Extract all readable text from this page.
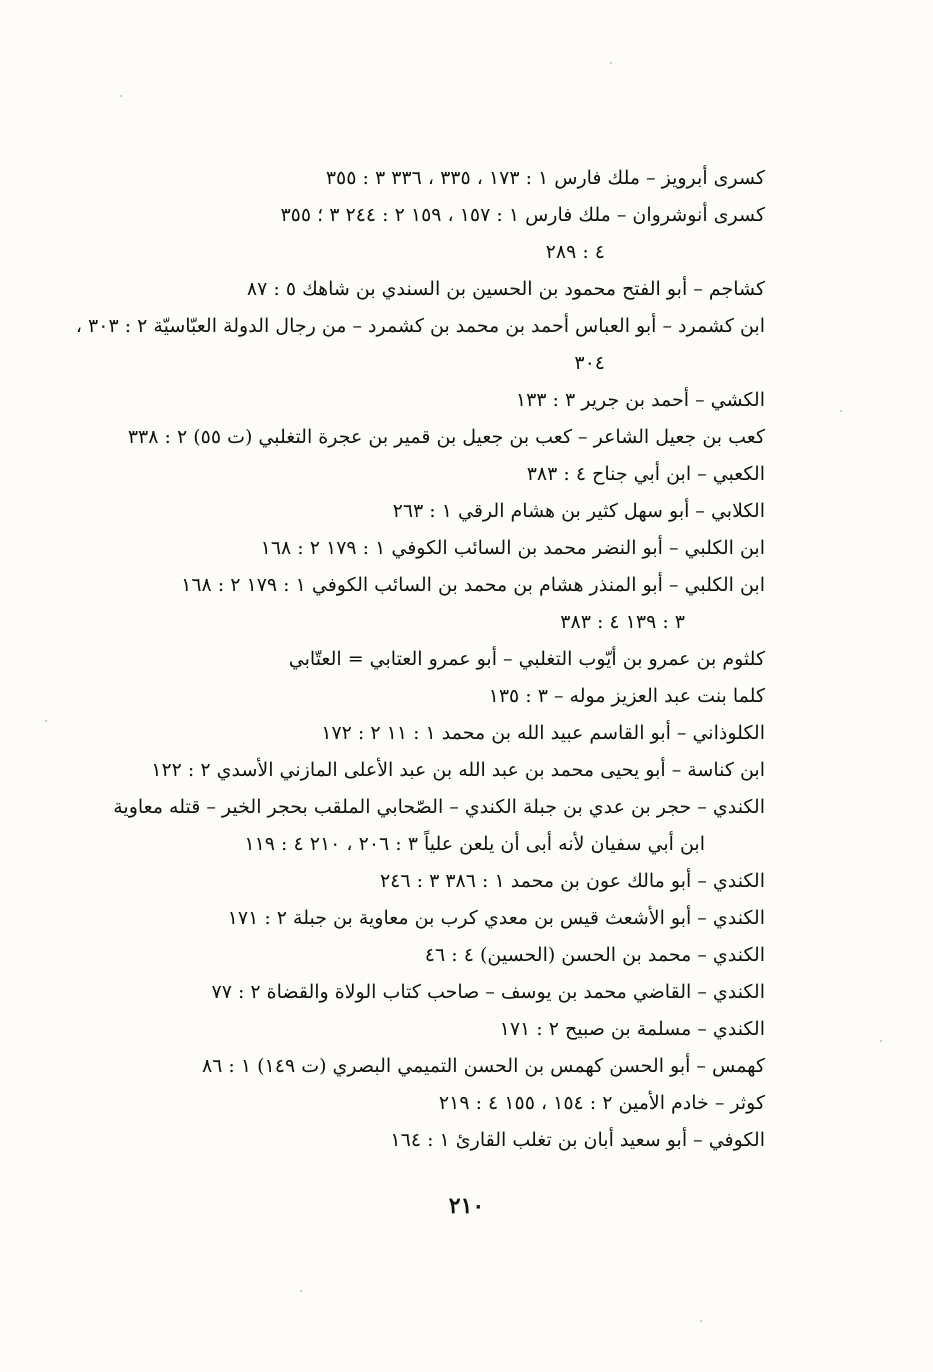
كسرى أبرويز – ملك فارس ١ : ١٧٣ ، ٣٣٥ ، ٣٣٦ ٣ : ٣٥٥
كسرى أنوشروان – ملك فارس ١ : ١٥٧ ، ١٥٩ ٢ : ٢٤٤ ٣ ؛ ٣٥٥
٤ : ٢٨٩
كشاجم – أبو الفتح محمود بن الحسين بن السندي بن شاهك ٥ : ٨٧
ابن كشمرد – أبو العباس أحمد بن محمد بن كشمرد – من رجال الدولة العبّاسيّة ٢ : ٣٠٣ ،
٣٠٤
الكشي – أحمد بن جرير ٣ : ١٣٣
كعب بن جعيل الشاعر – كعب بن جعيل بن قمير بن عجرة التغلبي (ت ٥٥) ٢ : ٣٣٨
الكعبي – ابن أبي جناح ٤ : ٣٨٣
الكلابي – أبو سهل كثير بن هشام الرقي ١ : ٢٦٣
ابن الكلبي – أبو النضر محمد بن السائب الكوفي ١ : ١٧٩ ٢ : ١٦٨
ابن الكلبي – أبو المنذر هشام بن محمد بن السائب الكوفي ١ : ١٧٩ ٢ : ١٦٨
٣ : ١٣٩ ٤ : ٣٨٣
كلثوم بن عمرو بن أيّوب التغلبي – أبو عمرو العتابي = العتّابي
كلما بنت عبد العزيز موله – ٣ : ١٣٥
الكلوذاني – أبو القاسم عبيد الله بن محمد ١ : ١١ ٢ : ١٧٢
ابن كناسة – أبو يحيى محمد بن عبد الله بن عبد الأعلى المازني الأسدي ٢ : ١٢٢
الكندي – حجر بن عدي بن جبلة الكندي – الصّحابي الملقب بحجر الخير – قتله معاوية
ابن أبي سفيان لأنه أبى أن يلعن علياً ٣ : ٢٠٦ ، ٢١٠ ٤ : ١١٩
الكندي – أبو مالك عون بن محمد ١ : ٣٨٦ ٣ : ٢٤٦
الكندي – أبو الأشعث قيس بن معدي كرب بن معاوية بن جبلة ٢ : ١٧١
الكندي – محمد بن الحسن (الحسين) ٤ : ٤٦
الكندي – القاضي محمد بن يوسف – صاحب كتاب الولاة والقضاة ٢ : ٧٧
الكندي – مسلمة بن صبيح ٢ : ١٧١
كهمس – أبو الحسن كهمس بن الحسن التميمي البصري (ت ١٤٩) ١ : ٨٦
كوثر – خادم الأمين ٢ : ١٥٤ ، ١٥٥ ٤ : ٢١٩
الكوفي – أبو سعيد أبان بن تغلب القارئ ١ : ١٦٤
٢١٠
